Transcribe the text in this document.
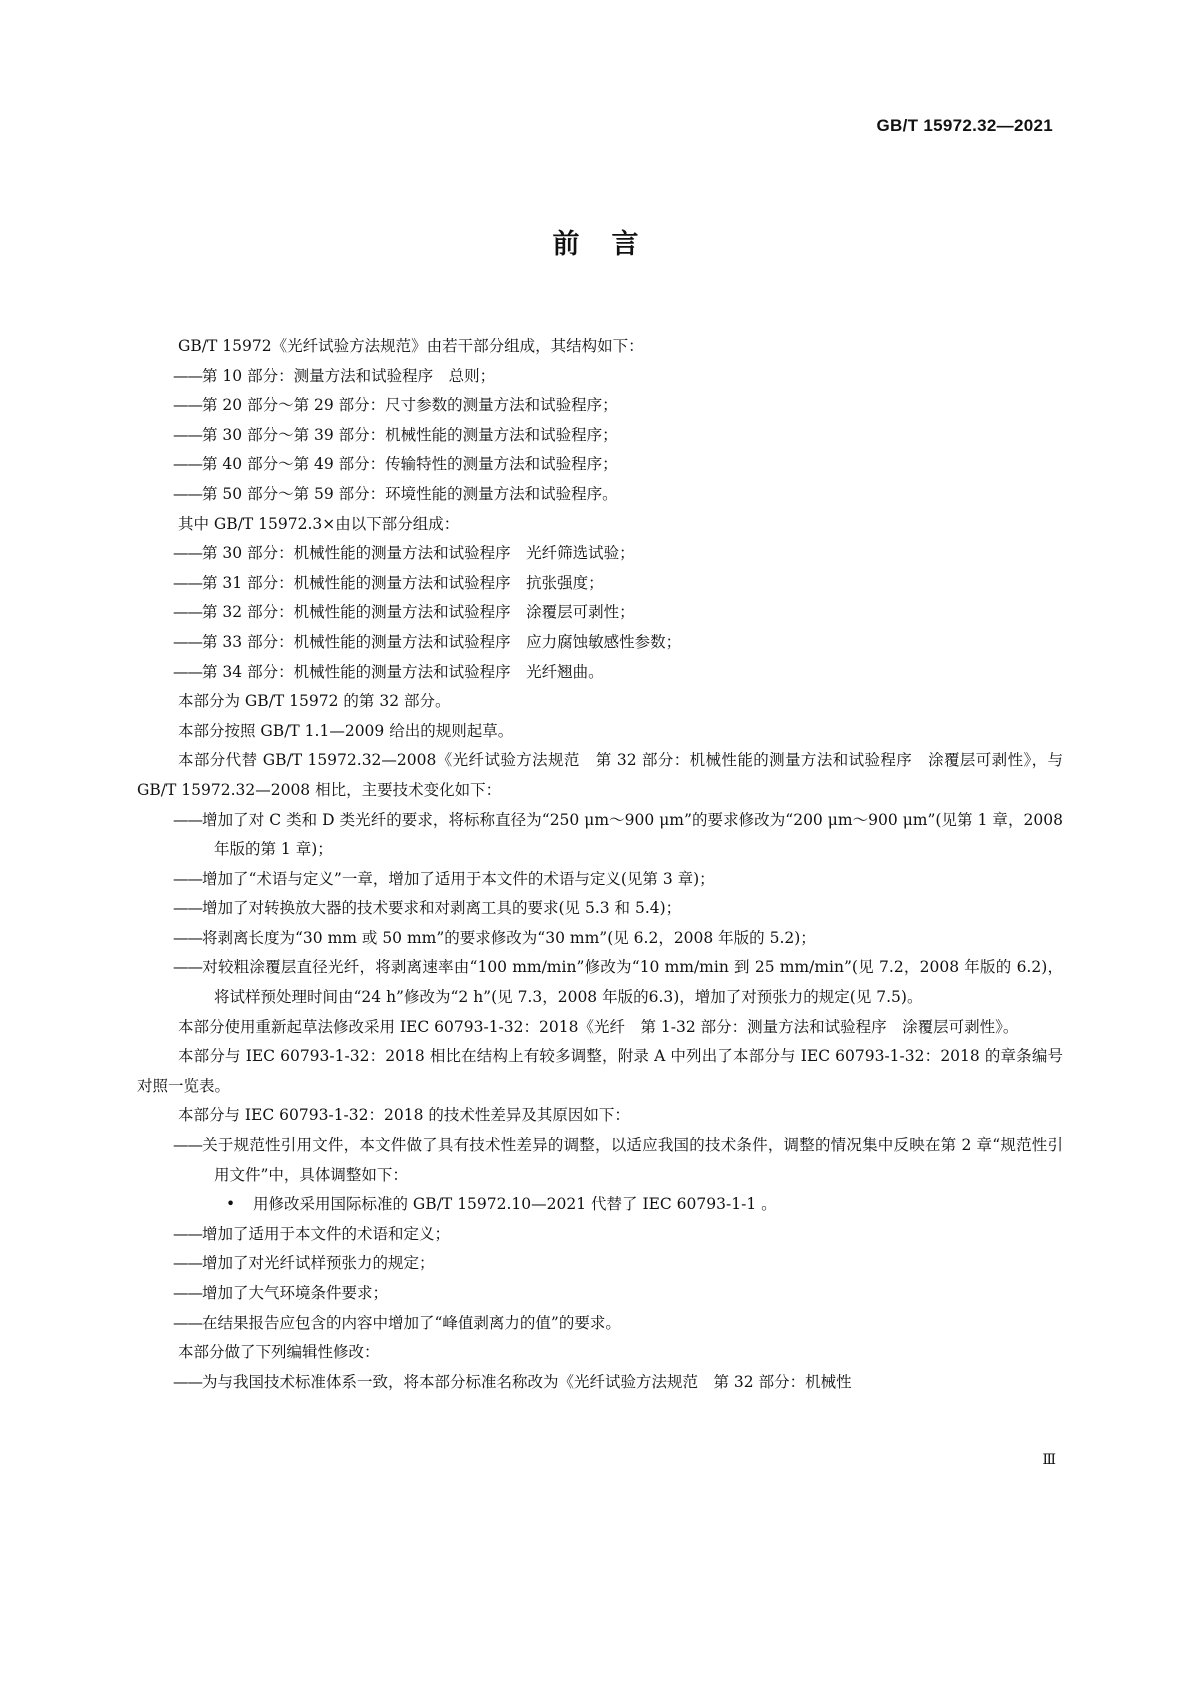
GB/T 15972.32—2021
前言

GB/T 15972《光纤试验方法规范》由若干部分组成，其结构如下：

—— 第 10 部分：测量方法和试验程序　总则；

—— 第 20 部分～第 29 部分：尺寸参数的测量方法和试验程序；

—— 第 30 部分～第 39 部分：机械性能的测量方法和试验程序；

—— 第 40 部分～第 49 部分：传输特性的测量方法和试验程序；

—— 第 50 部分～第 59 部分：环境性能的测量方法和试验程序。

其中 GB/T 15972.3×由以下部分组成：

—— 第 30 部分：机械性能的测量方法和试验程序　光纤筛选试验；

—— 第 31 部分：机械性能的测量方法和试验程序　抗张强度；

—— 第 32 部分：机械性能的测量方法和试验程序　涂覆层可剥性；

—— 第 33 部分：机械性能的测量方法和试验程序　应力腐蚀敏感性参数；

—— 第 34 部分：机械性能的测量方法和试验程序　光纤翘曲。

本部分为 GB/T 15972 的第 32 部分。

本部分按照 GB/T 1.1—2009 给出的规则起草。

本部分代替 GB/T 15972.32—2008《光纤试验方法规范　第 32 部分：机械性能的测量方法和试验程序　涂覆层可剥性》，与 GB/T 15972.32—2008 相比，主要技术变化如下：

—— 增加了对 C 类和 D 类光纤的要求，将标称直径为“250 μm～900 μm”的要求修改为“200 μm～900 μm”(见第 1 章，2008 年版的第 1 章)；

—— 增加了“术语与定义”一章，增加了适用于本文件的术语与定义(见第 3 章)；

—— 增加了对转换放大器的技术要求和对剥离工具的要求(见 5.3 和 5.4)；

—— 将剥离长度为“30 mm 或 50 mm”的要求修改为“30 mm”(见 6.2，2008 年版的 5.2)；

—— 对较粗涂覆层直径光纤，将剥离速率由“100 mm/min”修改为“10 mm/min 到 25 mm/min”(见 7.2，2008 年版的 6.2)，将试样预处理时间由“24 h”修改为“2 h”(见 7.3，2008 年版的6.3)，增加了对预张力的规定(见 7.5)。

本部分使用重新起草法修改采用 IEC 60793-1-32：2018《光纤　第 1-32 部分：测量方法和试验程序　涂覆层可剥性》。

本部分与 IEC 60793-1-32：2018 相比在结构上有较多调整，附录 A 中列出了本部分与 IEC 60793-1-32：2018 的章条编号对照一览表。

本部分与 IEC 60793-1-32：2018 的技术性差异及其原因如下：

—— 关于规范性引用文件，本文件做了具有技术性差异的调整，以适应我国的技术条件，调整的情况集中反映在第 2 章“规范性引用文件”中，具体调整如下：

• 用修改采用国际标准的 GB/T 15972.10—2021 代替了 IEC 60793-1-1 。

—— 增加了适用于本文件的术语和定义；

—— 增加了对光纤试样预张力的规定；

—— 增加了大气环境条件要求；

—— 在结果报告应包含的内容中增加了“峰值剥离力的值”的要求。

本部分做了下列编辑性修改：

—— 为与我国技术标准体系一致，将本部分标准名称改为《光纤试验方法规范　第 32 部分：机械性

Ⅲ
